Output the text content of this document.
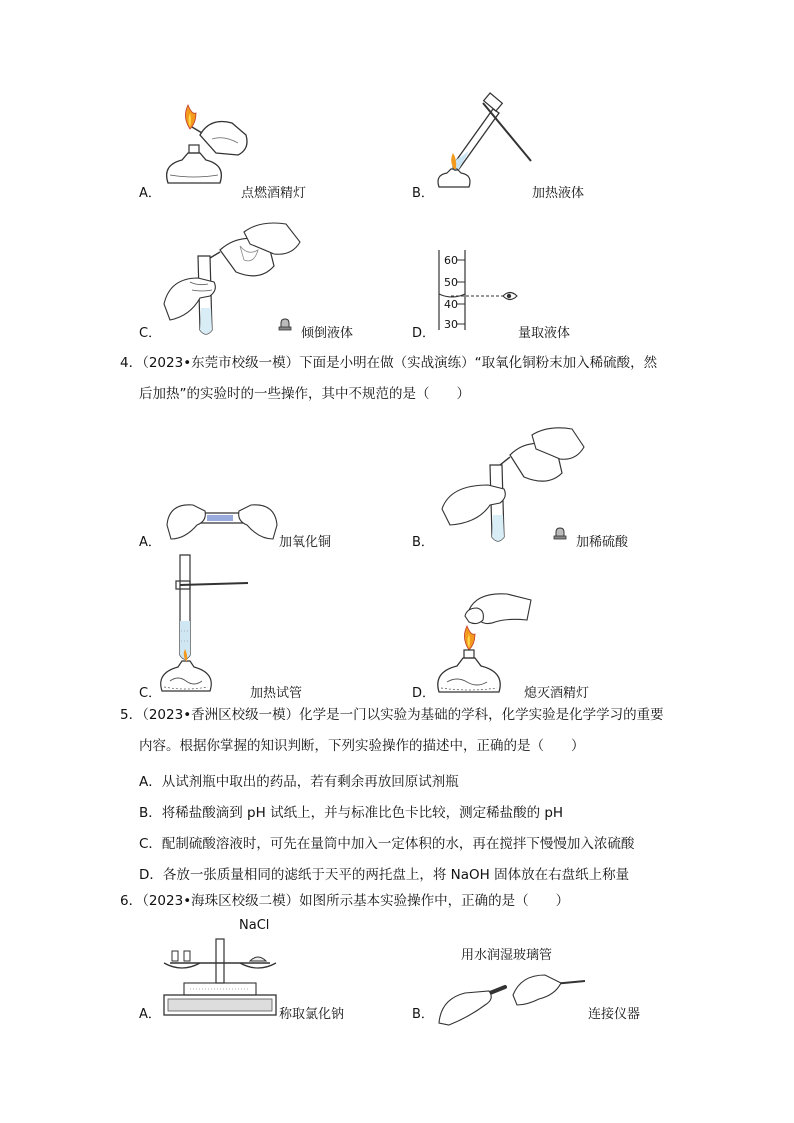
A．	点燃酒精灯	B．	加热液体
C．	倾倒液体
60
50
40
30
D．	量取液体
4．（2023•东莞市校级一模）下面是小明在做（实战演练）“取氧化铜粉末加入稀硫酸，然
后加热”的实验时的一些操作，其中不规范的是（　　）
A．	加氧化铜	B．	加稀硫酸
C．	加热试管	D．	熄灭酒精灯
5．（2023•香洲区校级一模）化学是一门以实验为基础的学科，化学实验是化学学习的重要
内容。根据你掌握的知识判断，下列实验操作的描述中，正确的是（　　）
A．从试剂瓶中取出的药品，若有剩余再放回原试剂瓶
B．将稀盐酸滴到 pH 试纸上，并与标准比色卡比较，测定稀盐酸的 pH
C．配制硫酸溶液时，可先在量筒中加入一定体积的水，再在搅拌下慢慢加入浓硫酸
D．各放一张质量相同的滤纸于天平的两托盘上，将 NaOH 固体放在右盘纸上称量
6．（2023•海珠区校级二模）如图所示基本实验操作中，正确的是（　　）
NaCl
A．	称取氯化钠
用水润湿玻璃管
B．	连接仪器
